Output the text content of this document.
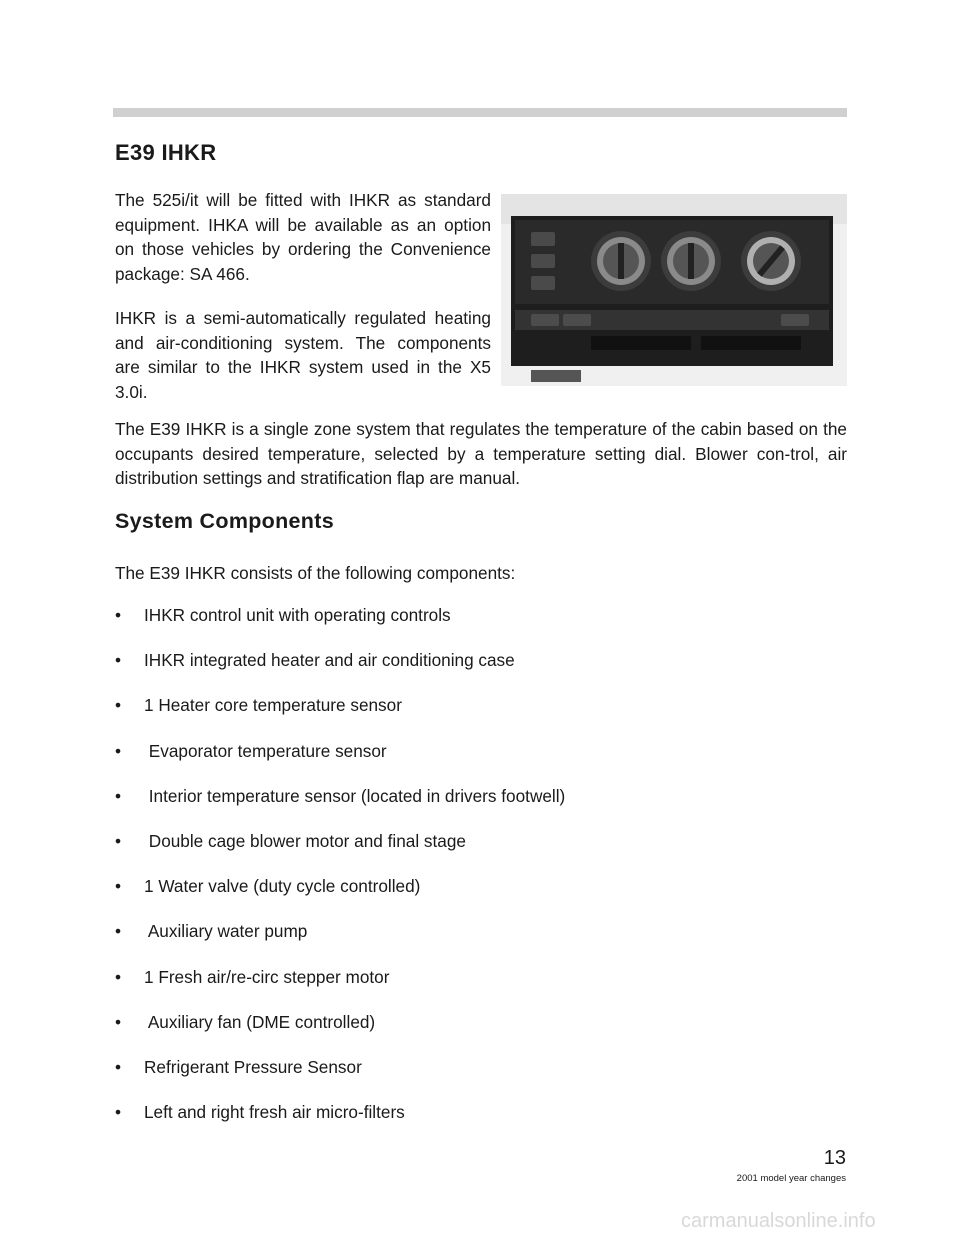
E39 IHKR

The 525i/it will be fitted with IHKR as standard equipment. IHKA will be available as an option on those vehicles by ordering the Convenience package: SA 466.

IHKR is a semi-automatically regulated heating and air-conditioning system. The components are similar to the IHKR system used in the X5 3.0i.

The E39 IHKR is a single zone system that regulates the temperature of the cabin based on the occupants desired temperature, selected by a temperature setting dial. Blower con-trol, air distribution settings and stratification flap are manual.

System Components

The E39 IHKR consists of the following components:

•	IHKR control unit with operating controls
•	IHKR integrated heater and air conditioning case
•	1 Heater core temperature sensor
•	Evaporator temperature sensor
•	Interior temperature sensor (located in drivers footwell)
•	Double cage blower motor and final stage
•	1 Water valve (duty cycle controlled)
•	Auxiliary water pump
•	1 Fresh air/re-circ stepper motor
•	Auxiliary fan (DME controlled)
•	Refrigerant Pressure Sensor
•	Left and right fresh air micro-filters

13

2001 model year changes

carmanualsonline.info
